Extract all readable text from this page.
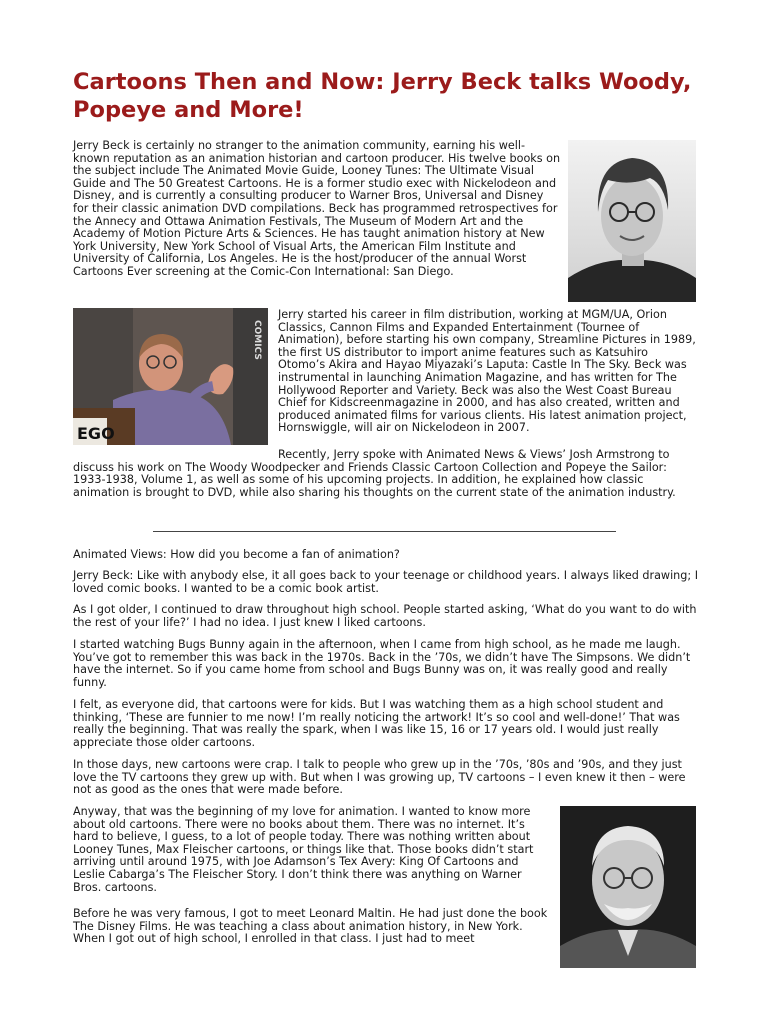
Cartoons Then and Now: Jerry Beck talks Woody, Popeye and More!

Jerry Beck is certainly no stranger to the animation community, earning his well-known reputation as an animation historian and cartoon producer. His twelve books on the subject include The Animated Movie Guide, Looney Tunes: The Ultimate Visual Guide and The 50 Greatest Cartoons. He is a former studio exec with Nickelodeon and Disney, and is currently a consulting producer to Warner Bros, Universal and Disney for their classic animation DVD compilations. Beck has programmed retrospectives for the Annecy and Ottawa Animation Festivals, The Museum of Modern Art and the Academy of Motion Picture Arts & Sciences. He has taught animation history at New York University, New York School of Visual Arts, the American Film Institute and University of California, Los Angeles. He is the host/producer of the annual Worst Cartoons Ever screening at the Comic-Con International: San Diego.

EGO
COMICS

Jerry started his career in film distribution, working at MGM/UA, Orion Classics, Cannon Films and Expanded Entertainment (Tournee of Animation), before starting his own company, Streamline Pictures in 1989, the first US distributor to import anime features such as Katsuhiro Otomo’s Akira and Hayao Miyazaki’s Laputa: Castle In The Sky. Beck was instrumental in launching Animation Magazine, and has written for The Hollywood Reporter and Variety. Beck was also the West Coast Bureau Chief for Kidscreenmagazine in 2000, and has also created, written and produced animated films for various clients. His latest animation project, Hornswiggle, will air on Nickelodeon in 2007.

Recently, Jerry spoke with Animated News & Views’ Josh Armstrong to discuss his work on The Woody Woodpecker and Friends Classic Cartoon Collection and Popeye the Sailor: 1933-1938, Volume 1, as well as some of his upcoming projects. In addition, he explained how classic animation is brought to DVD, while also sharing his thoughts on the current state of the animation industry.

Animated Views: How did you become a fan of animation?

Jerry Beck: Like with anybody else, it all goes back to your teenage or childhood years. I always liked drawing; I loved comic books. I wanted to be a comic book artist.

As I got older, I continued to draw throughout high school. People started asking, ‘What do you want to do with the rest of your life?’ I had no idea. I just knew I liked cartoons.

I started watching Bugs Bunny again in the afternoon, when I came from high school, as he made me laugh. You’ve got to remember this was back in the 1970s. Back in the ’70s, we didn’t have The Simpsons. We didn’t have the internet. So if you came home from school and Bugs Bunny was on, it was really good and really funny.

I felt, as everyone did, that cartoons were for kids. But I was watching them as a high school student and thinking, ‘These are funnier to me now! I’m really noticing the artwork! It’s so cool and well-done!’ That was really the beginning. That was really the spark, when I was like 15, 16 or 17 years old. I would just really appreciate those older cartoons.

In those days, new cartoons were crap. I talk to people who grew up in the ’70s, ’80s and ’90s, and they just love the TV cartoons they grew up with. But when I was growing up, TV cartoons – I even knew it then – were not as good as the ones that were made before.

Anyway, that was the beginning of my love for animation. I wanted to know more about old cartoons. There were no books about them. There was no internet. It’s hard to believe, I guess, to a lot of people today. There was nothing written about Looney Tunes, Max Fleischer cartoons, or things like that. Those books didn’t start arriving until around 1975, with Joe Adamson’s Tex Avery: King Of Cartoons and Leslie Cabarga’s The Fleischer Story. I don’t think there was anything on Warner Bros. cartoons.

Before he was very famous, I got to meet Leonard Maltin. He had just done the book The Disney Films. He was teaching a class about animation history, in New York. When I got out of high school, I enrolled in that class. I just had to meet
